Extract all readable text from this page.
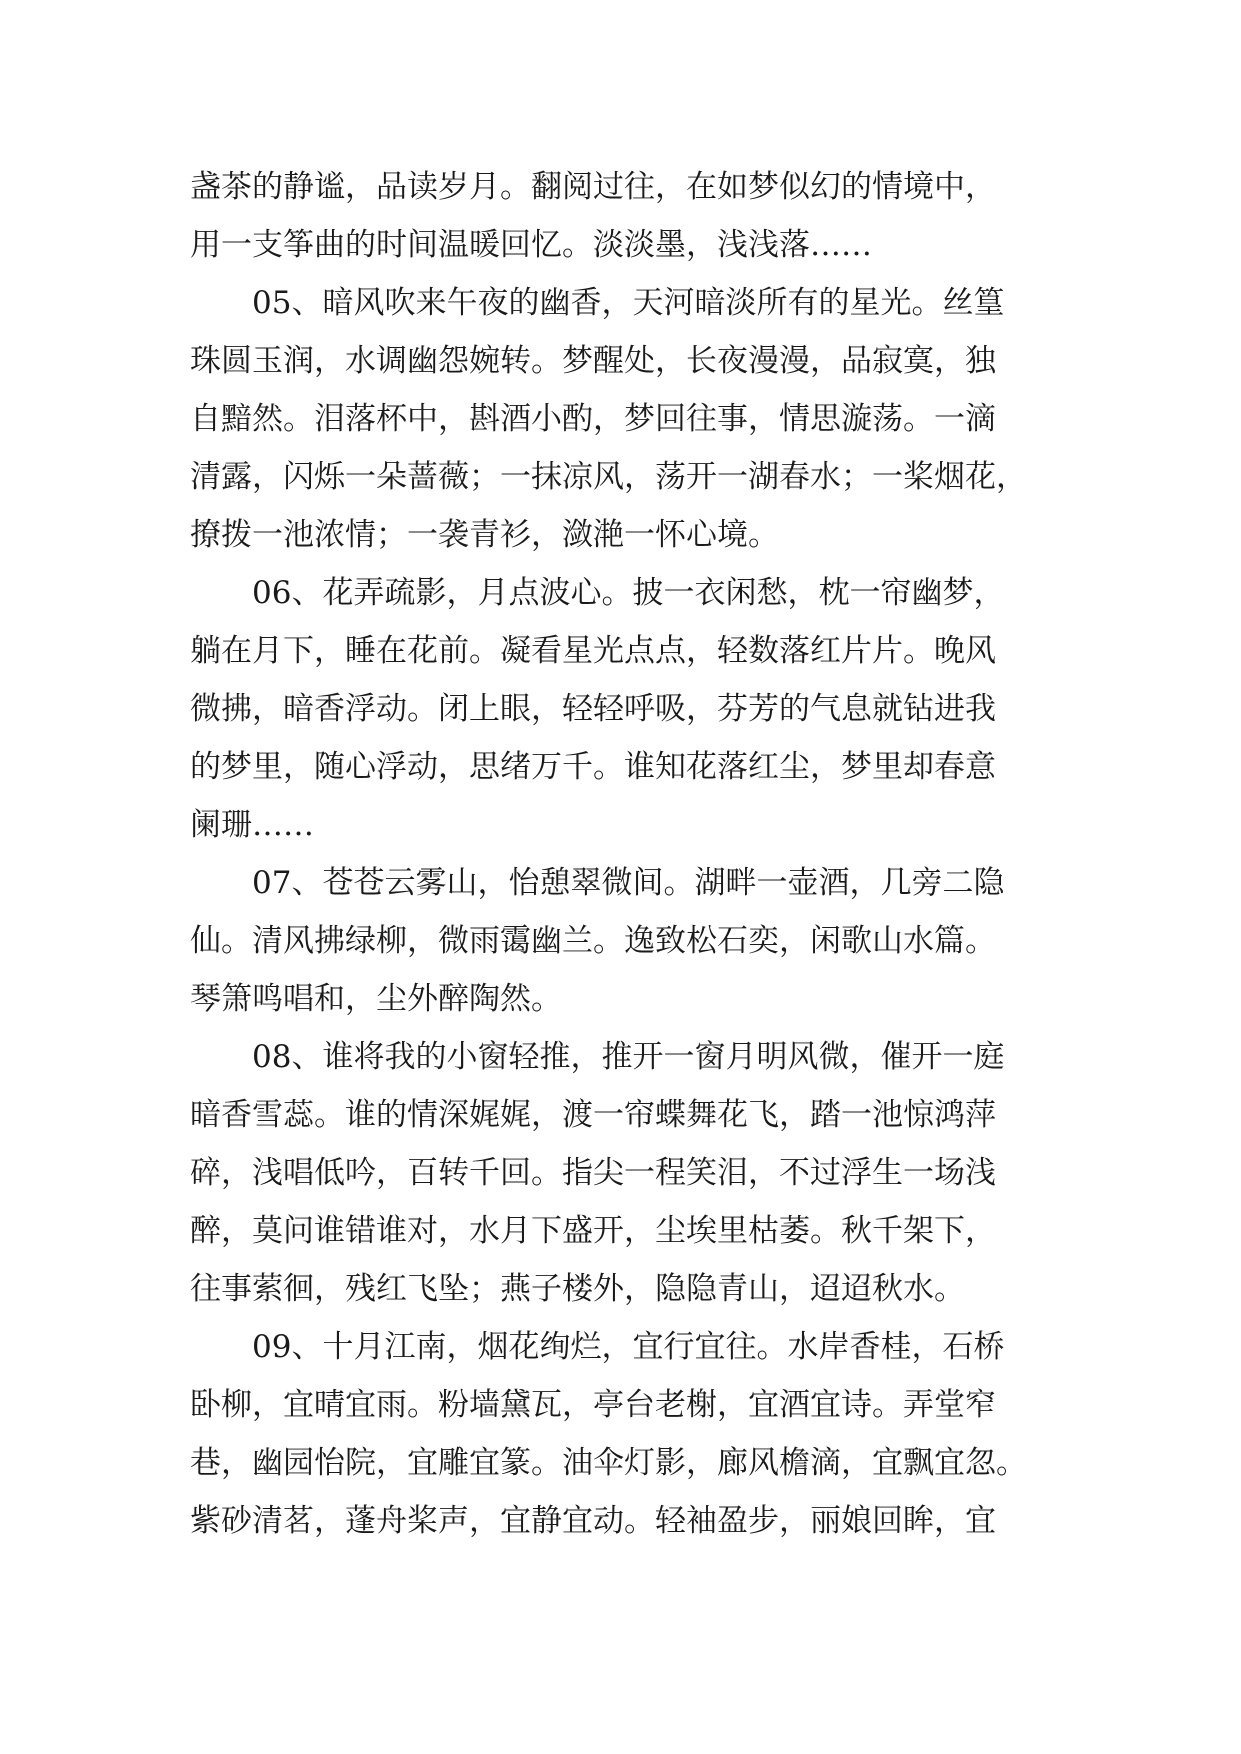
盏茶的静谧，品读岁月。翻阅过往，在如梦似幻的情境中，
用一支筝曲的时间温暖回忆。淡淡墨，浅浅落……
05、暗风吹来午夜的幽香，天河暗淡所有的星光。丝篁
珠圆玉润，水调幽怨婉转。梦醒处，长夜漫漫，品寂寞，独
自黯然。泪落杯中，斟酒小酌，梦回往事，情思漩荡。一滴
清露，闪烁一朵蔷薇；一抹凉风，荡开一湖春水；一桨烟花，
撩拨一池浓情；一袭青衫，潋滟一怀心境。
06、花弄疏影，月点波心。披一衣闲愁，枕一帘幽梦，
躺在月下，睡在花前。凝看星光点点，轻数落红片片。晚风
微拂，暗香浮动。闭上眼，轻轻呼吸，芬芳的气息就钻进我
的梦里，随心浮动，思绪万千。谁知花落红尘，梦里却春意
阑珊……
07、苍苍云雾山，怡憩翠微间。湖畔一壶酒，几旁二隐
仙。清风拂绿柳，微雨霭幽兰。逸致松石奕，闲歌山水篇。
琴箫鸣唱和，尘外醉陶然。
08、谁将我的小窗轻推，推开一窗月明风微，催开一庭
暗香雪蕊。谁的情深娓娓，渡一帘蝶舞花飞，踏一池惊鸿萍
碎，浅唱低吟，百转千回。指尖一程笑泪，不过浮生一场浅
醉，莫问谁错谁对，水月下盛开，尘埃里枯萎。秋千架下，
往事萦徊，残红飞坠；燕子楼外，隐隐青山，迢迢秋水。
09、十月江南，烟花绚烂，宜行宜往。水岸香桂，石桥
卧柳，宜晴宜雨。粉墙黛瓦，亭台老榭，宜酒宜诗。弄堂窄
巷，幽园怡院，宜雕宜篆。油伞灯影，廊风檐滴，宜飘宜忽。
紫砂清茗，蓬舟桨声，宜静宜动。轻袖盈步，丽娘回眸，宜
